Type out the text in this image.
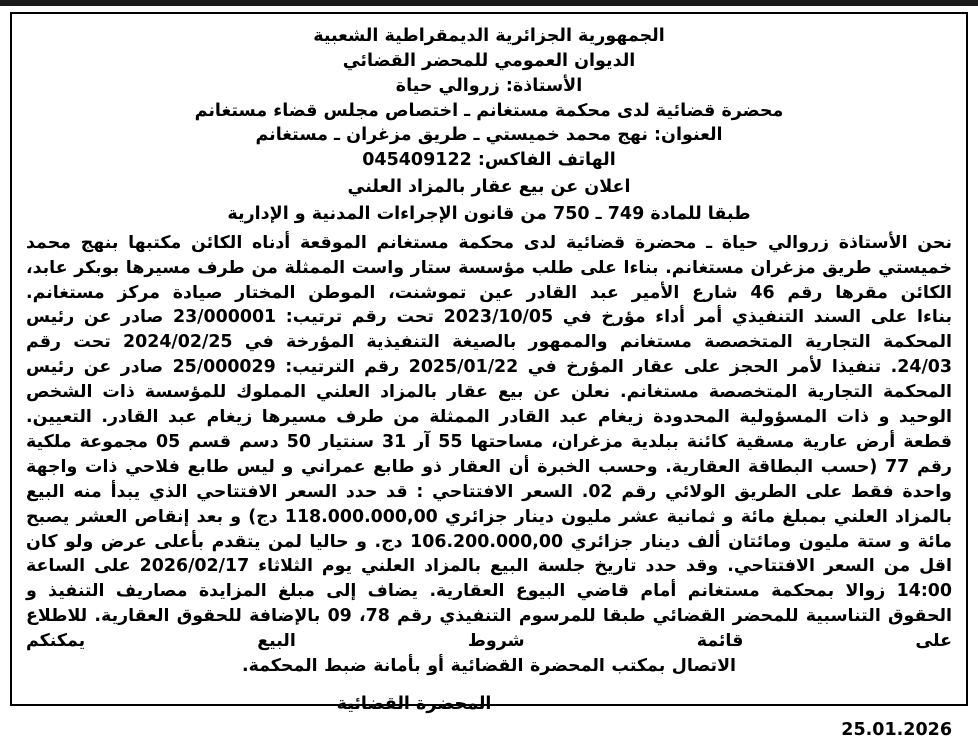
الجمهورية الجزائرية الديمقراطية الشعبية
الديوان العمومي للمحضر القضائي
الأستاذة: زروالي حياة
محضرة قضائية لدى محكمة مستغانم ـ اختصاص مجلس قضاء مستغانم
العنوان: نهج محمد خميستي ـ طريق مزغران ـ مستغانم
الهاتف الفاكس: 045409122
اعلان عن بيع عقار بالمزاد العلني
طبقا للمادة 749 ـ 750 من قانون الإجراءات المدنية و الإدارية

نحن الأستاذة زروالي حياة ـ محضرة قضائية لدى محكمة مستغانم الموقعة أدناه الكائن مكتبها بنهج محمد خميستي طريق مزغران مستغانم. بناءا على طلب مؤسسة ستار واست الممثلة من طرف مسيرها بوبكر عابد، الكائن مقرها رقم 46 شارع الأمير عبد القادر عين تموشنت، الموطن المختار صيادة مركز مستغانم.

بناءا على السند التنفيذي أمر أداء مؤرخ في 2023/10/05 تحت رقم ترتيب: 23/000001 صادر عن رئيس المحكمة التجارية المتخصصة مستغانم والممهور بالصيغة التنفيذية المؤرخة في 2024/02/25 تحت رقم 24/03. تنفيذا لأمر الحجز على عقار المؤرخ في 2025/01/22 رقم الترتيب: 25/000029 صادر عن رئيس المحكمة التجارية المتخصصة مستغانم. نعلن عن بيع عقار بالمزاد العلني المملوك للمؤسسة ذات الشخص الوحيد و ذات المسؤولية المحدودة زيغام عبد القادر الممثلة من طرف مسيرها زيغام عبد القادر. التعيين. قطعة أرض عارية مسقية كائنة ببلدية مزغران، مساحتها 55 آر 31 سنتيار 50 دسم قسم 05 مجموعة ملكية رقم 77 (حسب البطاقة العقارية. وحسب الخبرة أن العقار ذو طابع عمراني و ليس طابع فلاحي ذات واجهة واحدة فقط على الطريق الولائي رقم 02. السعر الافتتاحي : قد حدد السعر الافتتاحي الذي يبدأ منه البيع بالمزاد العلني بمبلغ مائة و ثمانية عشر مليون دينار جزائري 118.000.000,00 دج) و بعد إنقاص العشر يصبح مائة و ستة مليون ومائتان ألف دينار جزائري 106.200.000,00 دج. و حاليا لمن يتقدم بأعلى عرض ولو كان اقل من السعر الافتتاحي. وقد حدد تاريخ جلسة البيع بالمزاد العلني يوم الثلاثاء 2026/02/17 على الساعة 14:00 زوالا بمحكمة مستغانم أمام قاضي البيوع العقارية. يضاف إلى مبلغ المزايدة مصاريف التنفيذ و الحقوق التناسبية للمحضر القضائي طبقا للمرسوم التنفيذي رقم 78، 09 بالإضافة للحقوق العقارية. للاطلاع على قائمة شروط البيع يمكنكم

الاتصال بمكتب المحضرة القضائية أو بأمانة ضبط المحكمة.

المحضرة القضائية
25.01.2026
